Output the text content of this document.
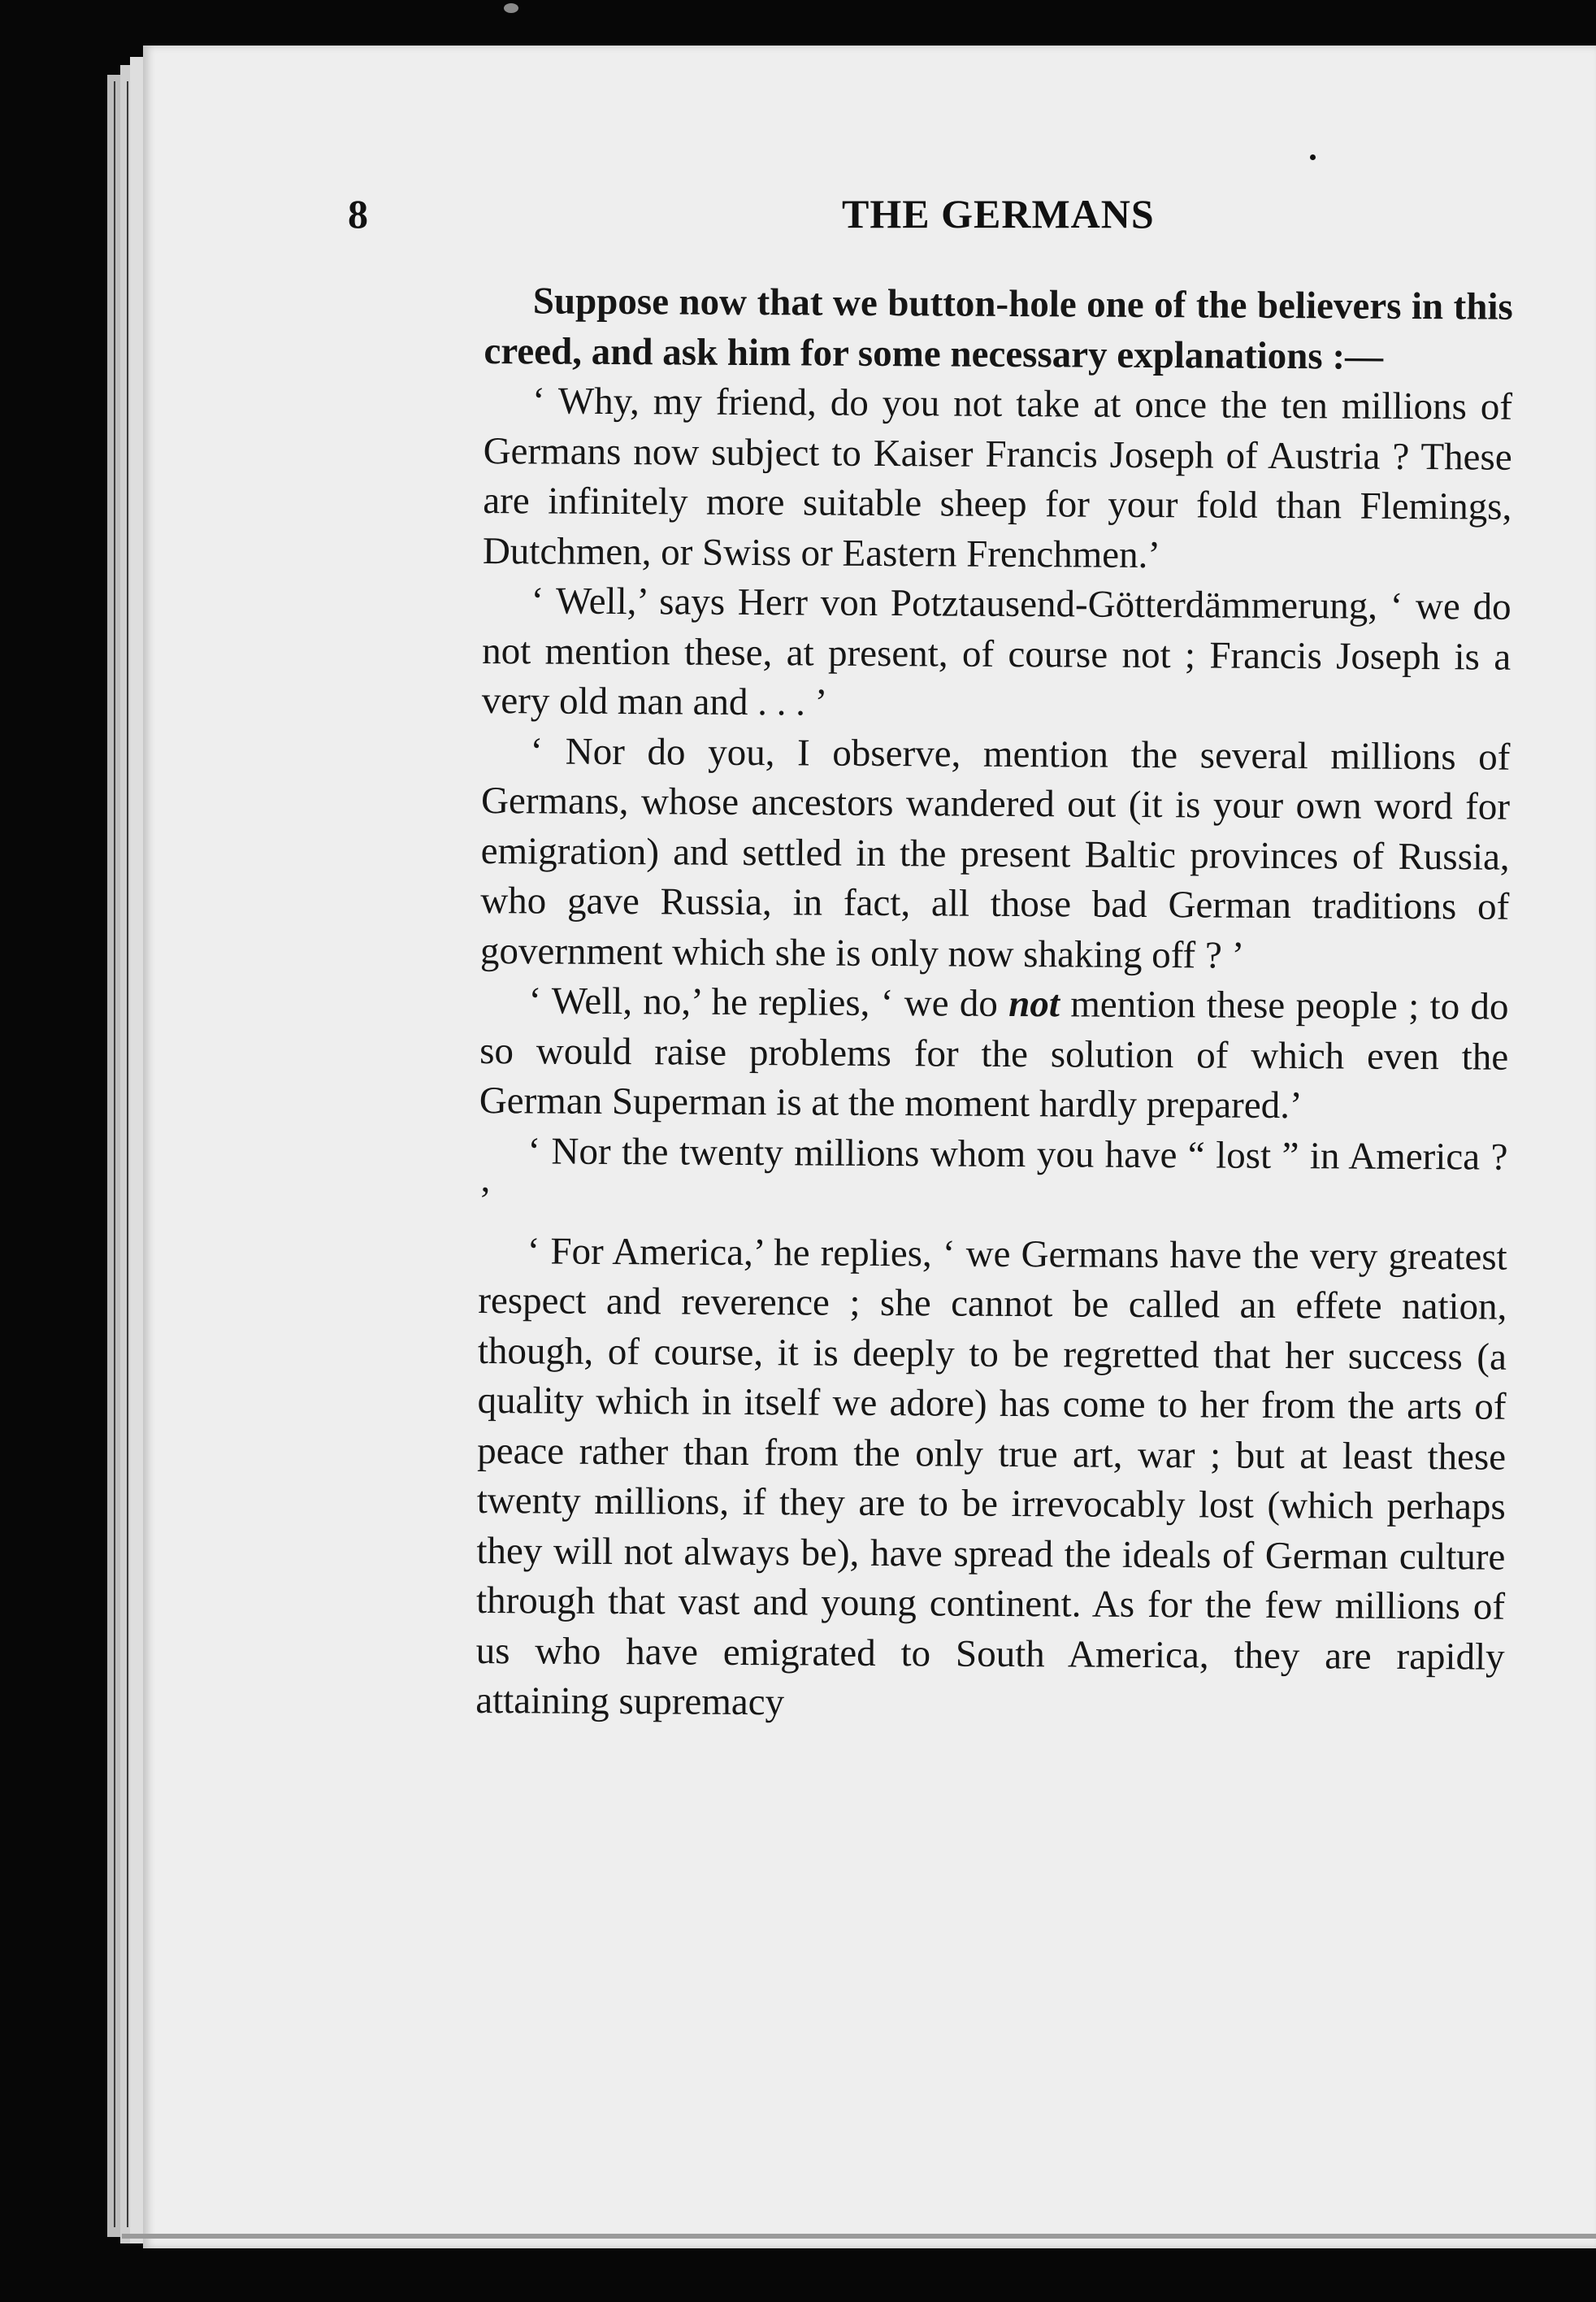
8	THE GERMANS

Suppose now that we button-hole one of the believers in this creed, and ask him for some necessary explanations :—

‘ Why, my friend, do you not take at once the ten millions of Germans now subject to Kaiser Francis Joseph of Austria ? These are infinitely more suitable sheep for your fold than Flemings, Dutchmen, or Swiss or Eastern Frenchmen.’

‘ Well,’ says Herr von Potztausend-Götterdämmerung, ‘ we do not mention these, at present, of course not ; Francis Joseph is a very old man and . . . ’

‘ Nor do you, I observe, mention the several millions of Germans, whose ancestors wandered out (it is your own word for emigration) and settled in the present Baltic provinces of Russia, who gave Russia, in fact, all those bad German traditions of government which she is only now shaking off ? ’

‘ Well, no,’ he replies, ‘ we do not mention these people ; to do so would raise problems for the solution of which even the German Superman is at the moment hardly prepared.’

‘ Nor the twenty millions whom you have “ lost ” in America ? ’

‘ For America,’ he replies, ‘ we Germans have the very greatest respect and reverence ; she cannot be called an effete nation, though, of course, it is deeply to be regretted that her success (a quality which in itself we adore) has come to her from the arts of peace rather than from the only true art, war ; but at least these twenty millions, if they are to be irrevocably lost (which perhaps they will not always be), have spread the ideals of German culture through that vast and young continent. As for the few millions of us who have emigrated to South America, they are rapidly attaining supremacy
